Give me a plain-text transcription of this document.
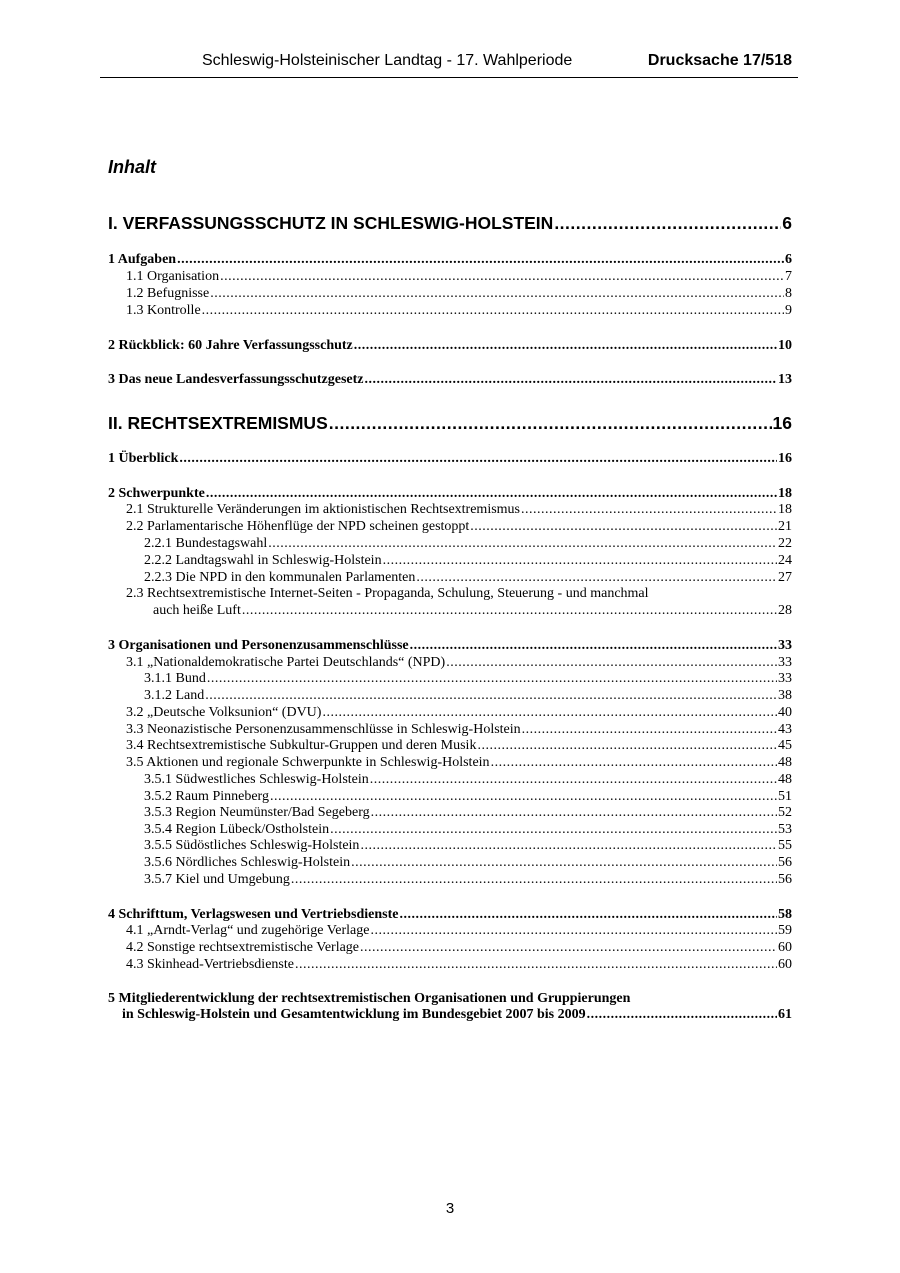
Schleswig-Holsteinischer Landtag - 17. Wahlperiode	Drucksache 17/518
Inhalt
I. VERFASSUNGSSCHUTZ IN SCHLESWIG-HOLSTEIN .....	6
1 Aufgaben .....	6
1.1 Organisation .....	7
1.2 Befugnisse .....	8
1.3 Kontrolle .....	9
2 Rückblick: 60 Jahre Verfassungsschutz .....	10
3 Das neue Landesverfassungsschutzgesetz .....	13
II. RECHTSEXTREMISMUS .....	16
1 Überblick .....	16
2 Schwerpunkte .....	18
2.1 Strukturelle Veränderungen im aktionistischen Rechtsextremismus .....	18
2.2 Parlamentarische Höhenflüge der NPD scheinen gestoppt .....	21
2.2.1 Bundestagswahl .....	22
2.2.2 Landtagswahl in Schleswig-Holstein .....	24
2.2.3 Die NPD in den kommunalen Parlamenten .....	27
2.3 Rechtsextremistische Internet-Seiten - Propaganda, Schulung, Steuerung - und manchmal
auch heiße Luft .....	28
3 Organisationen und Personenzusammenschlüsse .....	33
3.1 „Nationaldemokratische Partei Deutschlands“ (NPD) .....	33
3.1.1 Bund .....	33
3.1.2 Land .....	38
3.2 „Deutsche Volksunion“ (DVU) .....	40
3.3 Neonazistische Personenzusammenschlüsse in Schleswig-Holstein .....	43
3.4 Rechtsextremistische Subkultur-Gruppen und deren Musik .....	45
3.5 Aktionen und regionale Schwerpunkte in Schleswig-Holstein .....	48
3.5.1 Südwestliches Schleswig-Holstein .....	48
3.5.2 Raum Pinneberg .....	51
3.5.3 Region Neumünster/Bad Segeberg .....	52
3.5.4 Region Lübeck/Ostholstein .....	53
3.5.5 Südöstliches Schleswig-Holstein .....	55
3.5.6 Nördliches Schleswig-Holstein .....	56
3.5.7 Kiel und Umgebung .....	56
4 Schrifttum, Verlagswesen und Vertriebsdienste .....	58
4.1 „Arndt-Verlag“ und zugehörige Verlage .....	59
4.2 Sonstige rechtsextremistische Verlage .....	60
4.3 Skinhead-Vertriebsdienste .....	60
5 Mitgliederentwicklung der rechtsextremistischen Organisationen und Gruppierungen
in Schleswig-Holstein und Gesamtentwicklung im Bundesgebiet 2007 bis 2009 .....	61
3
